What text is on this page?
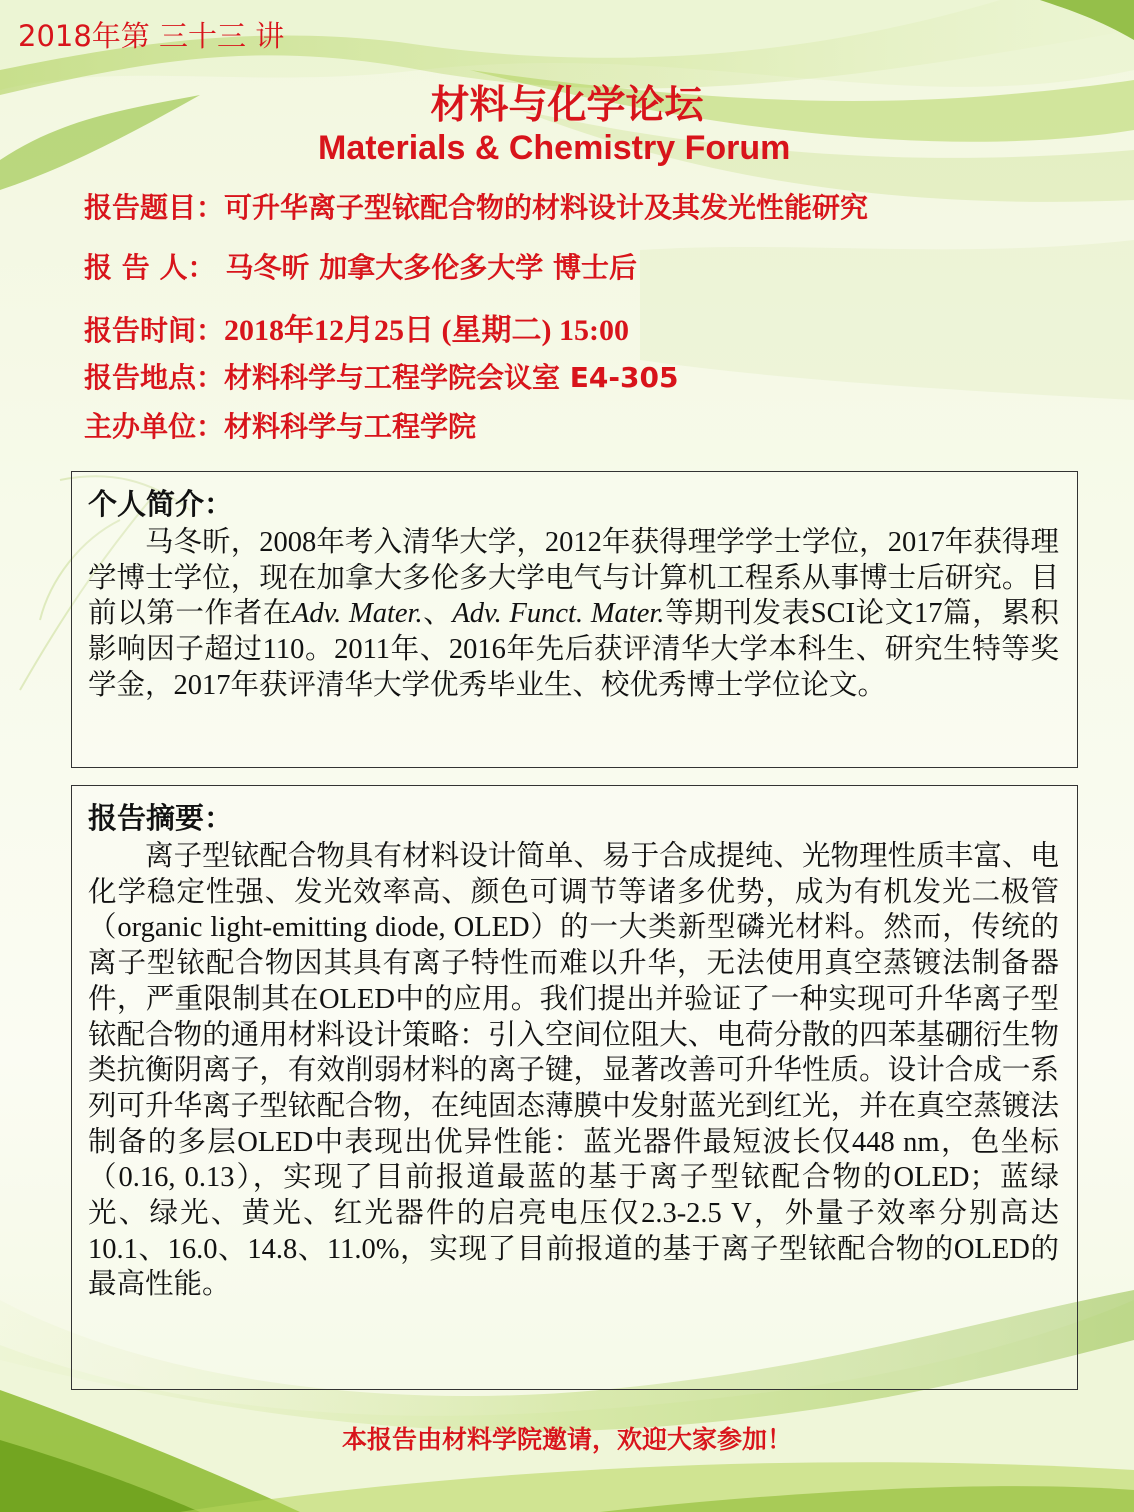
2018年第 三十三 讲
材料与化学论坛
Materials & Chemistry Forum
报告题目：可升华离子型铱配合物的材料设计及其发光性能研究
报 告 人： 马冬昕 加拿大多伦多大学 博士后
报告时间：2018年12月25日 (星期二) 15:00
报告地点：材料科学与工程学院会议室 E4-305
主办单位：材料科学与工程学院
个人简介：

马冬昕，2008年考入清华大学，2012年获得理学学士学位，2017年获得理学博士学位，现在加拿大多伦多大学电气与计算机工程系从事博士后研究。目前以第一作者在Adv. Mater.、Adv. Funct. Mater.等期刊发表SCI论文17篇，累积影响因子超过110。2011年、2016年先后获评清华大学本科生、研究生特等奖学金，2017年获评清华大学优秀毕业生、校优秀博士学位论文。

报告摘要：

离子型铱配合物具有材料设计简单、易于合成提纯、光物理性质丰富、电化学稳定性强、发光效率高、颜色可调节等诸多优势，成为有机发光二极管（organic light-emitting diode, OLED）的一大类新型磷光材料。然而，传统的离子型铱配合物因其具有离子特性而难以升华，无法使用真空蒸镀法制备器件，严重限制其在OLED中的应用。我们提出并验证了一种实现可升华离子型铱配合物的通用材料设计策略：引入空间位阻大、电荷分散的四苯基硼衍生物类抗衡阴离子，有效削弱材料的离子键，显著改善可升华性质。设计合成一系列可升华离子型铱配合物，在纯固态薄膜中发射蓝光到红光，并在真空蒸镀法制备的多层OLED中表现出优异性能：蓝光器件最短波长仅448 nm，色坐标（0.16, 0.13），实现了目前报道最蓝的基于离子型铱配合物的OLED；蓝绿光、绿光、黄光、红光器件的启亮电压仅2.3-2.5 V，外量子效率分别高达10.1、16.0、14.8、11.0%，实现了目前报道的基于离子型铱配合物的OLED的最高性能。

本报告由材料学院邀请，欢迎大家参加！
